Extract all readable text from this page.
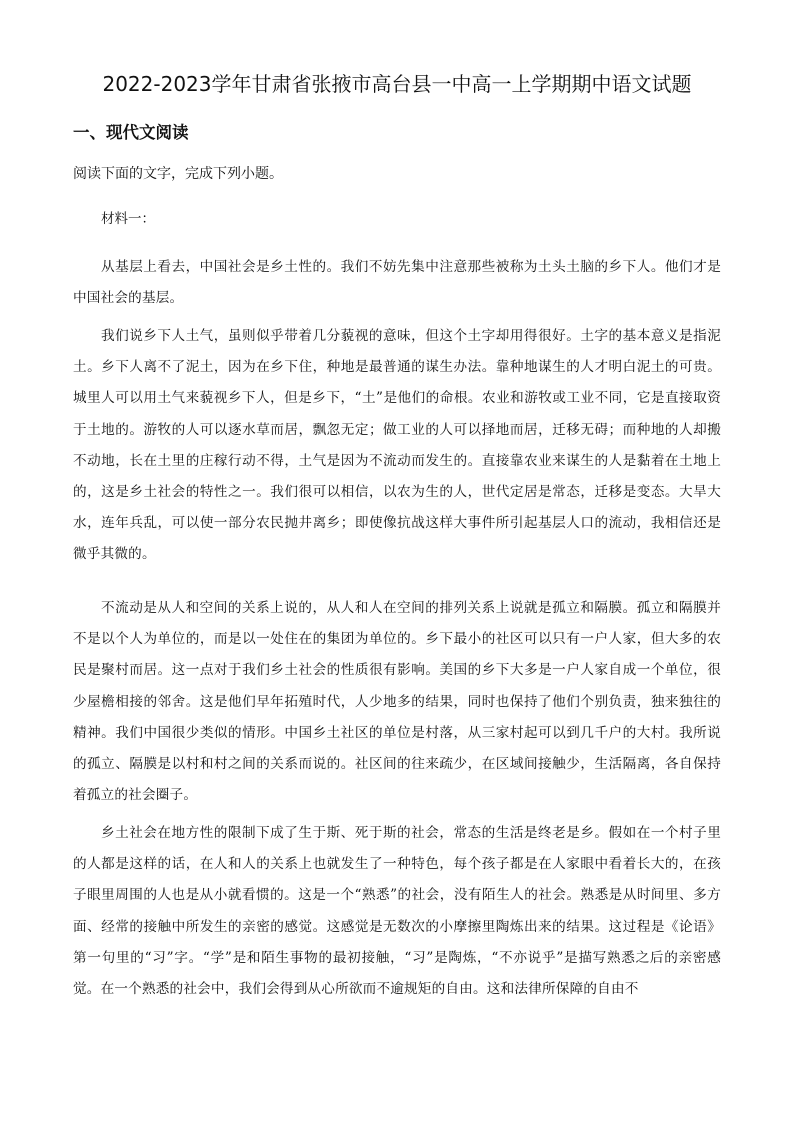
2022-2023学年甘肃省张掖市高台县一中高一上学期期中语文试题
一、现代文阅读
阅读下面的文字，完成下列小题。
材料一：

从基层上看去，中国社会是乡土性的。我们不妨先集中注意那些被称为土头土脑的乡下人。他们才是中国社会的基层。

我们说乡下人土气，虽则似乎带着几分藐视的意味，但这个土字却用得很好。土字的基本意义是指泥土。乡下人离不了泥土，因为在乡下住，种地是最普通的谋生办法。靠种地谋生的人才明白泥土的可贵。城里人可以用土气来藐视乡下人，但是乡下，“土”是他们的命根。农业和游牧或工业不同，它是直接取资于土地的。游牧的人可以逐水草而居，飘忽无定；做工业的人可以择地而居，迁移无碍；而种地的人却搬不动地，长在土里的庄稼行动不得，土气是因为不流动而发生的。直接靠农业来谋生的人是黏着在土地上的，这是乡土社会的特性之一。我们很可以相信，以农为生的人，世代定居是常态，迁移是变态。大旱大水，连年兵乱，可以使一部分农民抛井离乡；即使像抗战这样大事件所引起基层人口的流动，我相信还是微乎其微的。

不流动是从人和空间的关系上说的，从人和人在空间的排列关系上说就是孤立和隔膜。孤立和隔膜并不是以个人为单位的，而是以一处住在的集团为单位的。乡下最小的社区可以只有一户人家，但大多的农民是聚村而居。这一点对于我们乡土社会的性质很有影响。美国的乡下大多是一户人家自成一个单位，很少屋檐相接的邻舍。这是他们早年拓殖时代，人少地多的结果，同时也保持了他们个别负责，独来独往的精神。我们中国很少类似的情形。中国乡土社区的单位是村落，从三家村起可以到几千户的大村。我所说的孤立、隔膜是以村和村之间的关系而说的。社区间的往来疏少，在区域间接触少，生活隔离，各自保持着孤立的社会圈子。

乡土社会在地方性的限制下成了生于斯、死于斯的社会，常态的生活是终老是乡。假如在一个村子里的人都是这样的话，在人和人的关系上也就发生了一种特色，每个孩子都是在人家眼中看着长大的，在孩子眼里周围的人也是从小就看惯的。这是一个“熟悉”的社会，没有陌生人的社会。熟悉是从时间里、多方面、经常的接触中所发生的亲密的感觉。这感觉是无数次的小摩擦里陶炼出来的结果。这过程是《论语》第一句里的“习”字。“学”是和陌生事物的最初接触，“习”是陶炼，“不亦说乎”是描写熟悉之后的亲密感觉。在一个熟悉的社会中，我们会得到从心所欲而不逾规矩的自由。这和法律所保障的自由不
